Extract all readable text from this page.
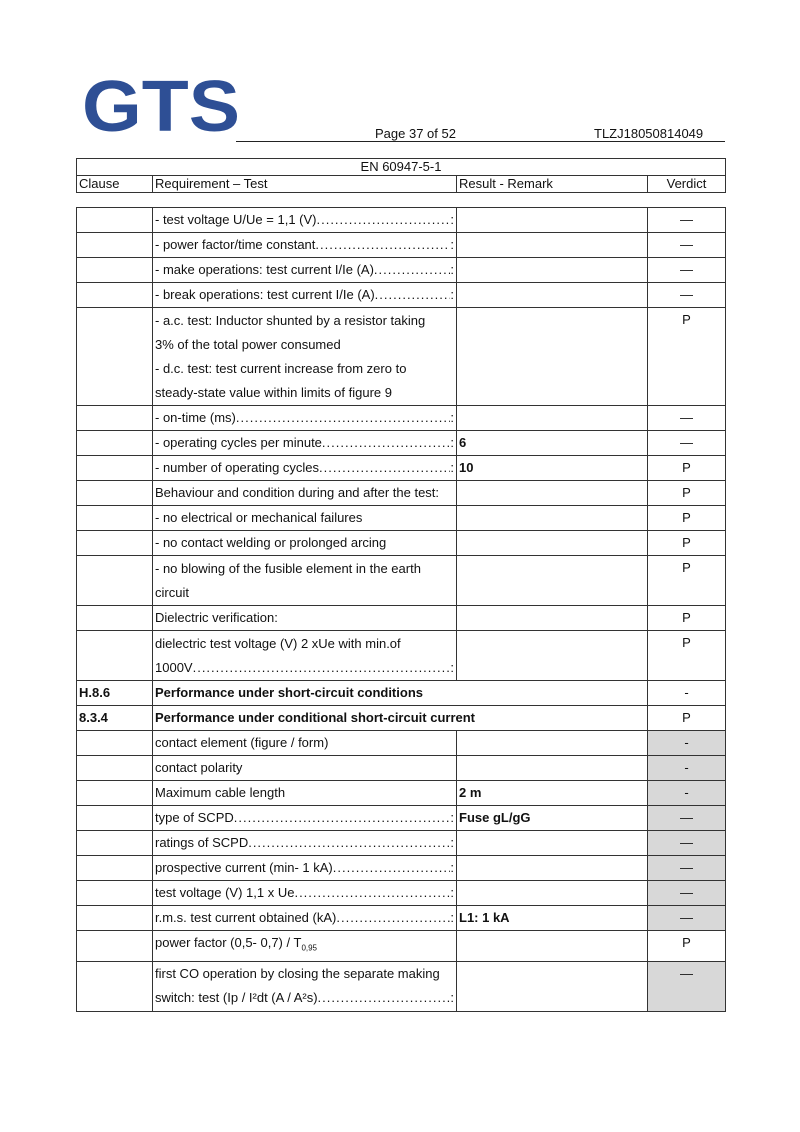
GTS	Page 37 of 52	TLZJ18050814049
EN 60947-5-1
Clause	Requirement – Test	Result - Remark	Verdict

	- test voltage U/Ue = 1,1 (V) ..... :		—

	- power factor/time constant ..... :		—

	- make operations: test current I/Ie (A) ..... :		—

	- break operations: test current I/Ie (A) ..... :		—

	- a.c. test: Inductor shunted by a resistor taking
3% of the total power consumed
- d.c. test: test current increase from zero to
steady-state value within limits of figure 9		P

	- on-time (ms) ..... :		—

	- operating cycles per minute ..... :	6	—

	- number of operating cycles ..... :	10	P
	Behaviour and condition during and after the test:		P
	- no electrical or mechanical failures		P
	- no contact welding or prolonged arcing		P

	- no blowing of the fusible element in the earth
circuit		P
	Dielectric verification:		P

	dielectric test voltage (V) 2 xUe with min.of
1000V ..... :		P
H.8.6	Performance under short-circuit conditions		-
8.3.4	Performance under conditional short-circuit current		P
	contact element (figure / form)		-
	contact polarity		-
	Maximum cable length	2 m	-

	type of SCPD ..... :	Fuse gL/gG	—

	ratings of SCPD ..... :		—

	prospective current (min- 1 kA) ..... :		—

	test voltage (V) 1,1 x Ue ..... :		—

	r.m.s. test current obtained (kA) ..... :	L1: 1 kA	—
	power factor (0,5- $0,7) / T_{0,95}$		P

	first CO operation by closing the separate making
switch: test (Ip / I²dt (A / A²s) ..... :		—
